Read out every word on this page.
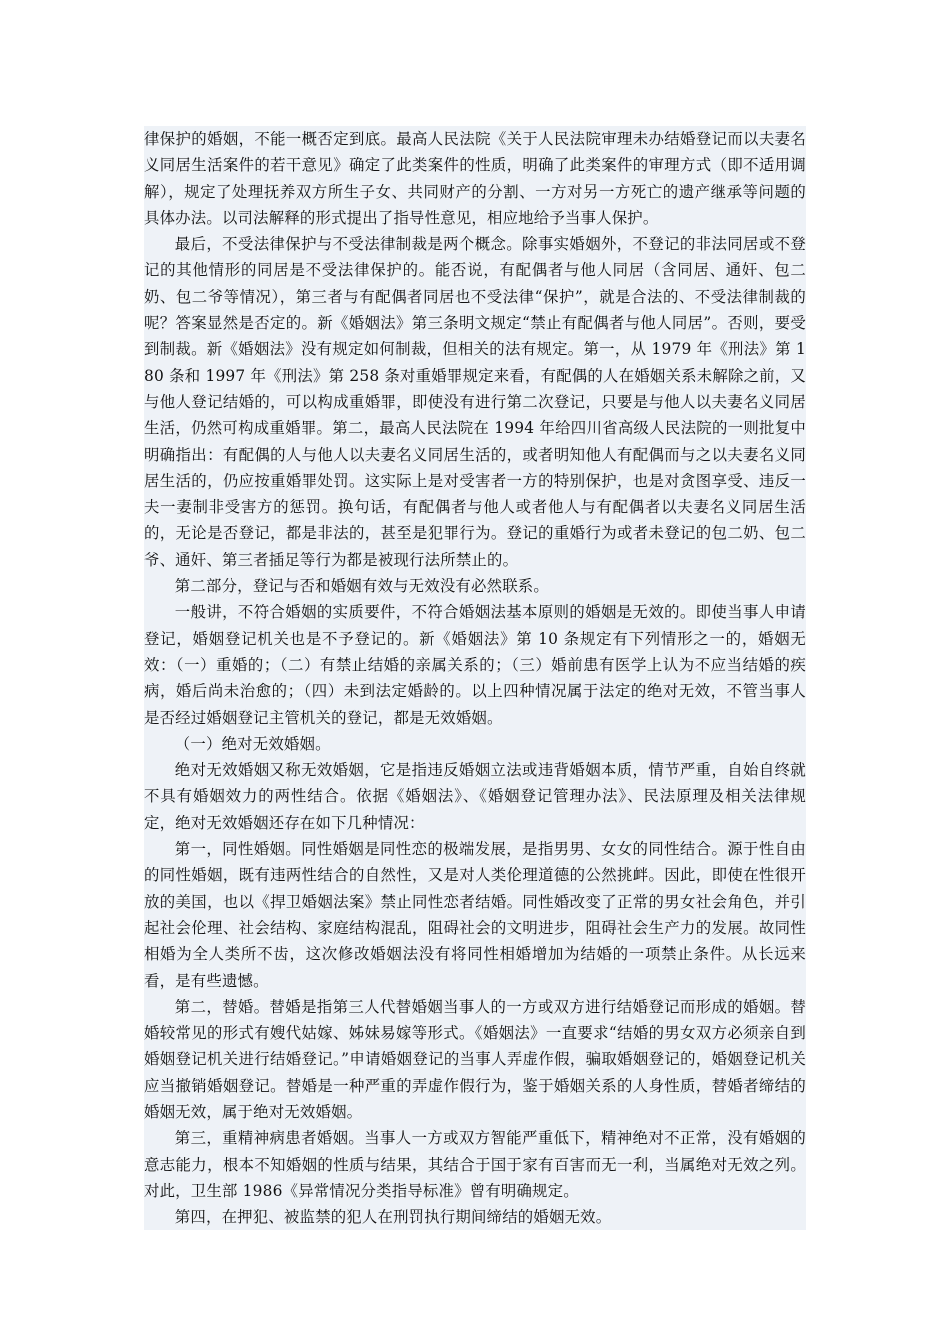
律保护的婚姻，不能一概否定到底。最高人民法院《关于人民法院审理未办结婚登记而以夫妻名义同居生活案件的若干意见》确定了此类案件的性质，明确了此类案件的审理方式（即不适用调解），规定了处理抚养双方所生子女、共同财产的分割、一方对另一方死亡的遗产继承等问题的具体办法。以司法解释的形式提出了指导性意见，相应地给予当事人保护。

最后，不受法律保护与不受法律制裁是两个概念。除事实婚姻外，不登记的非法同居或不登记的其他情形的同居是不受法律保护的。能否说，有配偶者与他人同居（含同居、通奸、包二奶、包二爷等情况），第三者与有配偶者同居也不受法律“保护”，就是合法的、不受法律制裁的呢？答案显然是否定的。新《婚姻法》第三条明文规定“禁止有配偶者与他人同居”。否则，要受到制裁。新《婚姻法》没有规定如何制裁，但相关的法有规定。第一，从 1979 年《刑法》第 180 条和 1997 年《刑法》第 258 条对重婚罪规定来看，有配偶的人在婚姻关系未解除之前，又与他人登记结婚的，可以构成重婚罪，即使没有进行第二次登记，只要是与他人以夫妻名义同居生活，仍然可构成重婚罪。第二，最高人民法院在 1994 年给四川省高级人民法院的一则批复中明确指出：有配偶的人与他人以夫妻名义同居生活的，或者明知他人有配偶而与之以夫妻名义同居生活的，仍应按重婚罪处罚。这实际上是对受害者一方的特别保护，也是对贪图享受、违反一夫一妻制非受害方的惩罚。换句话，有配偶者与他人或者他人与有配偶者以夫妻名义同居生活的，无论是否登记，都是非法的，甚至是犯罪行为。登记的重婚行为或者未登记的包二奶、包二爷、通奸、第三者插足等行为都是被现行法所禁止的。

第二部分，登记与否和婚姻有效与无效没有必然联系。

一般讲，不符合婚姻的实质要件，不符合婚姻法基本原则的婚姻是无效的。即使当事人申请登记，婚姻登记机关也是不予登记的。新《婚姻法》第 10 条规定有下列情形之一的，婚姻无效：（一）重婚的；（二）有禁止结婚的亲属关系的；（三）婚前患有医学上认为不应当结婚的疾病，婚后尚未治愈的；（四）未到法定婚龄的。以上四种情况属于法定的绝对无效，不管当事人是否经过婚姻登记主管机关的登记，都是无效婚姻。

（一）绝对无效婚姻。

绝对无效婚姻又称无效婚姻，它是指违反婚姻立法或违背婚姻本质，情节严重，自始自终就不具有婚姻效力的两性结合。依据《婚姻法》、《婚姻登记管理办法》、民法原理及相关法律规定，绝对无效婚姻还存在如下几种情况：

第一，同性婚姻。同性婚姻是同性恋的极端发展，是指男男、女女的同性结合。源于性自由的同性婚姻，既有违两性结合的自然性，又是对人类伦理道德的公然挑衅。因此，即使在性很开放的美国，也以《捍卫婚姻法案》禁止同性恋者结婚。同性婚改变了正常的男女社会角色，并引起社会伦理、社会结构、家庭结构混乱，阻碍社会的文明进步，阻碍社会生产力的发展。故同性相婚为全人类所不齿，这次修改婚姻法没有将同性相婚增加为结婚的一项禁止条件。从长远来看，是有些遗憾。

第二，替婚。替婚是指第三人代替婚姻当事人的一方或双方进行结婚登记而形成的婚姻。替婚较常见的形式有嫂代姑嫁、姊妹易嫁等形式。《婚姻法》一直要求“结婚的男女双方必须亲自到婚姻登记机关进行结婚登记。”申请婚姻登记的当事人弄虚作假，骗取婚姻登记的，婚姻登记机关应当撤销婚姻登记。替婚是一种严重的弄虚作假行为，鉴于婚姻关系的人身性质，替婚者缔结的婚姻无效，属于绝对无效婚姻。

第三，重精神病患者婚姻。当事人一方或双方智能严重低下，精神绝对不正常，没有婚姻的意志能力，根本不知婚姻的性质与结果，其结合于国于家有百害而无一利，当属绝对无效之列。对此，卫生部 1986《异常情况分类指导标准》曾有明确规定。

第四，在押犯、被监禁的犯人在刑罚执行期间缔结的婚姻无效。
